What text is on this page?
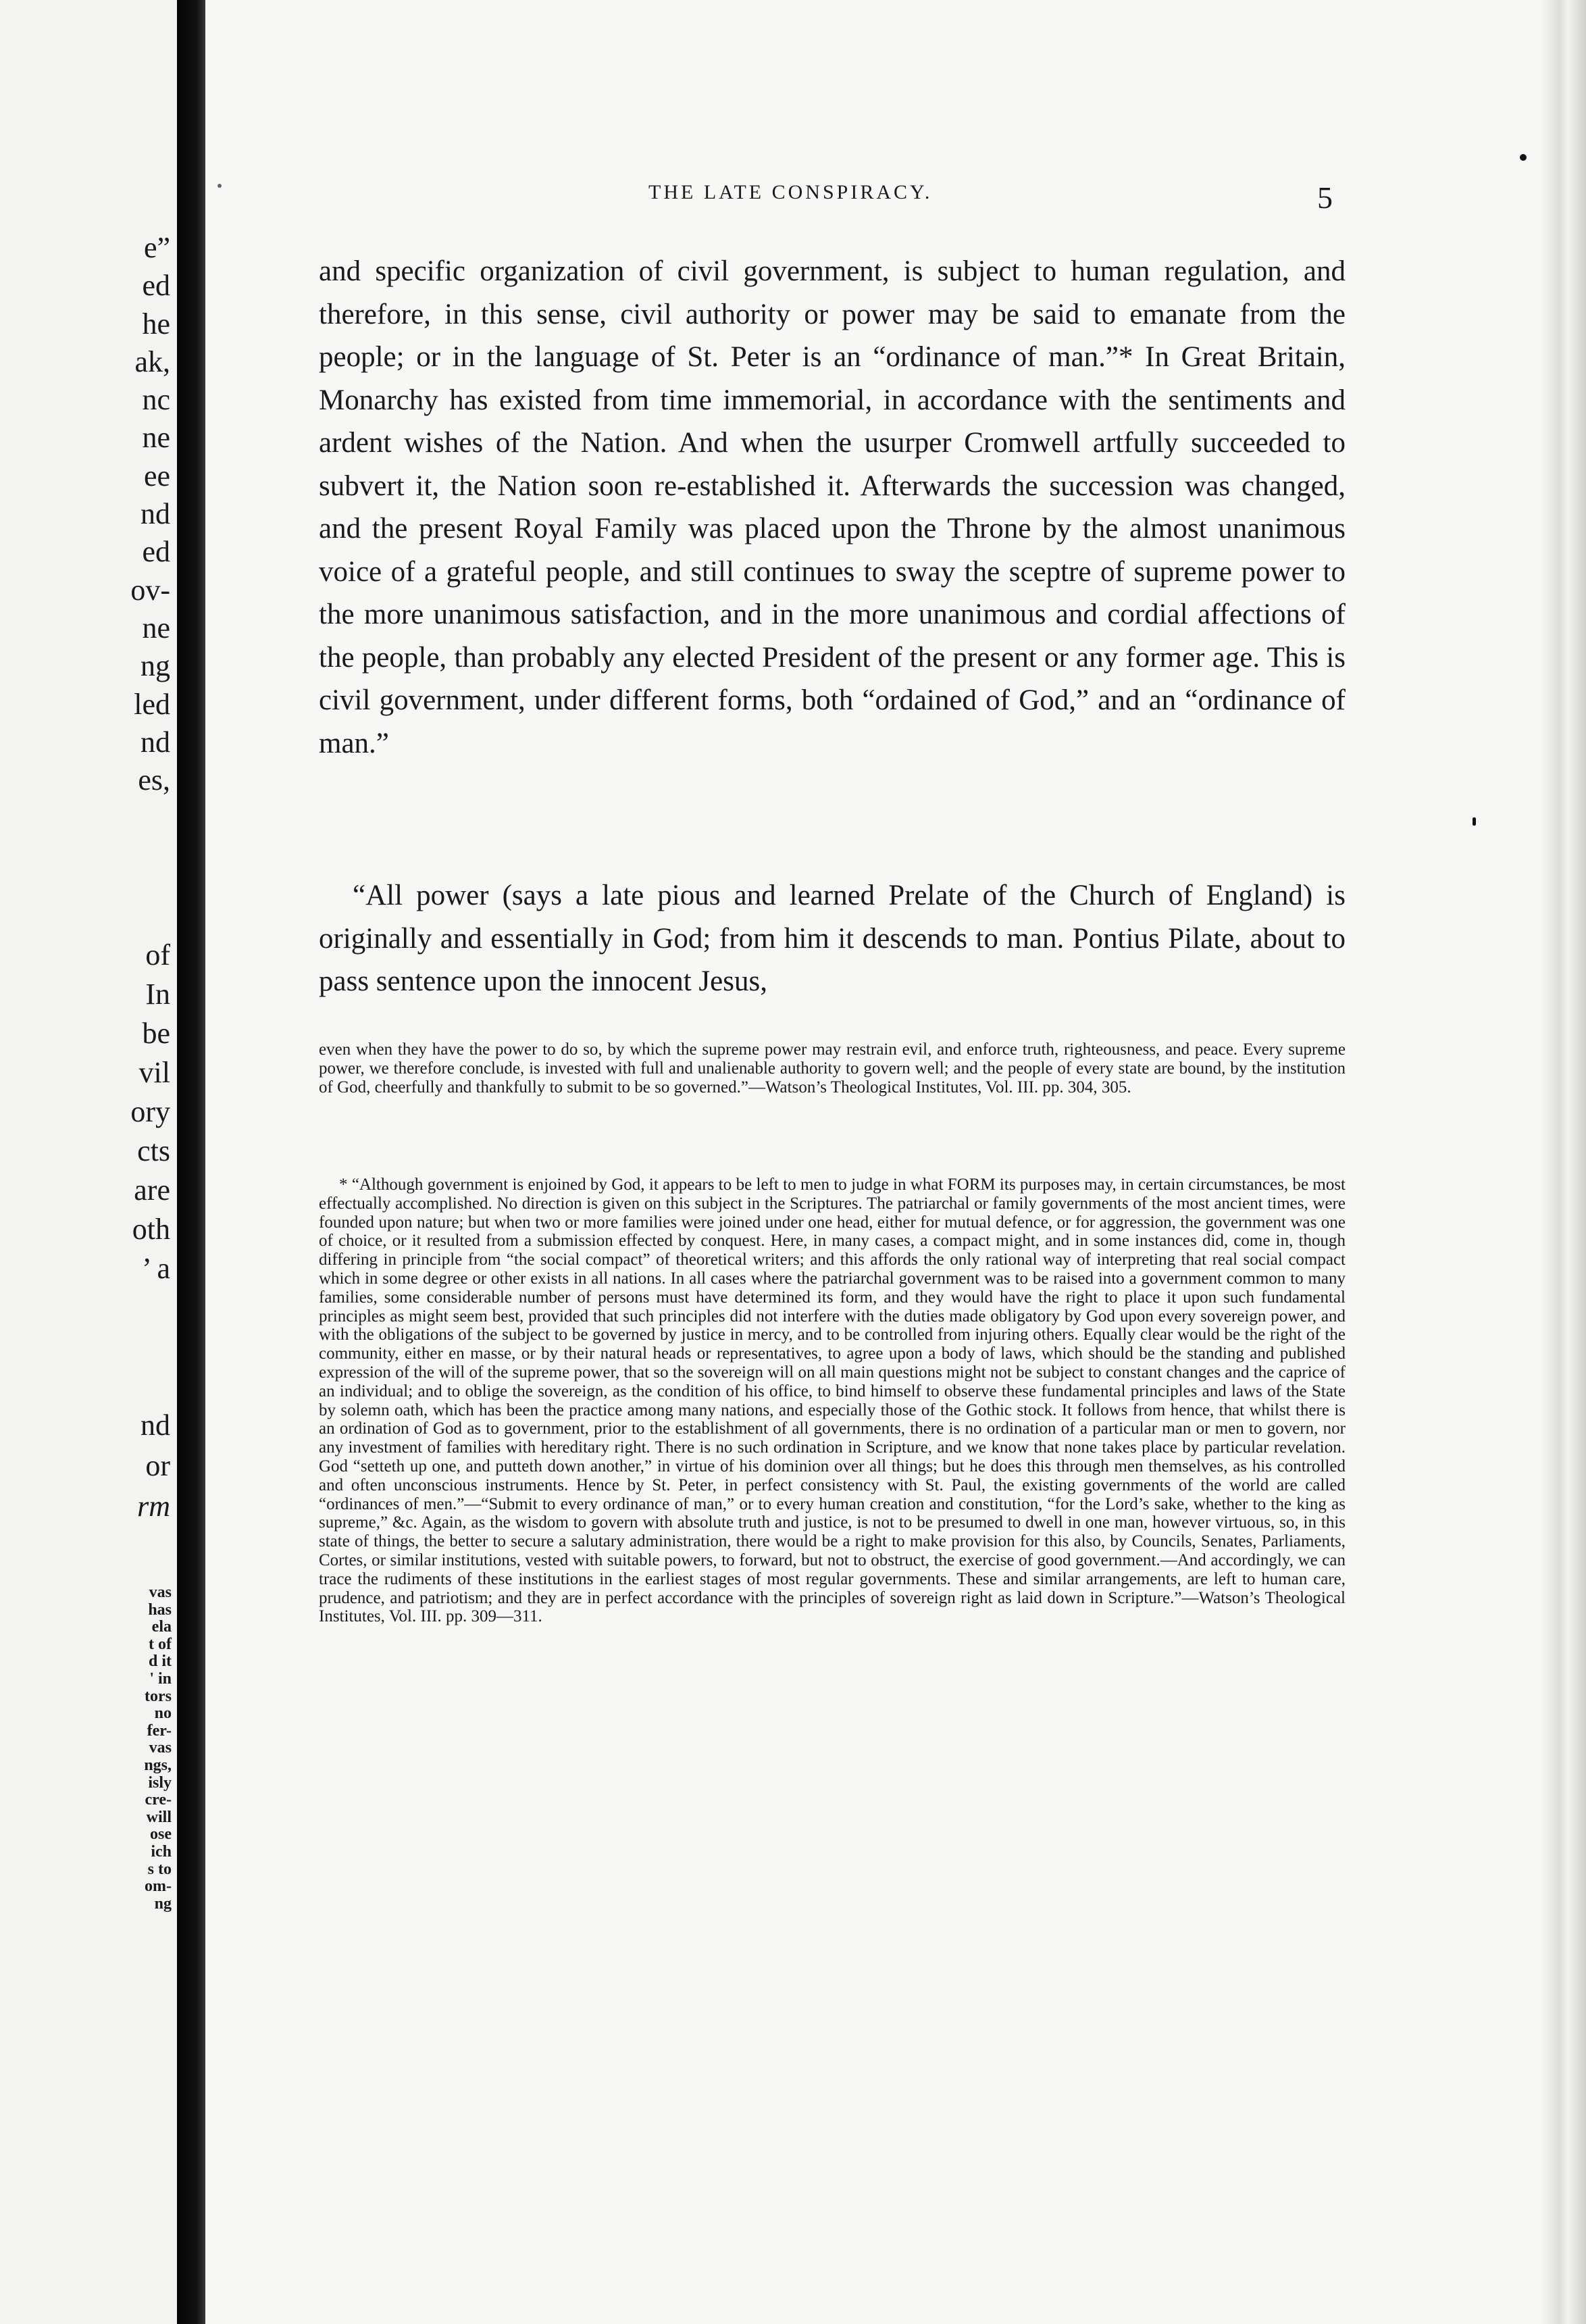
e”
ed
he
ak,
nc
ne
ee
nd
ed
ov-
ne
ng
led
nd
es,
of
In
be
vil
ory
cts
are
oth
’ a
nd
or
rm
vas
has
ela
t of
d it
' in
tors
no
fer-
vas
ngs,
isly
cre-
will
ose
ich
s to
om-
ng
THE LATE CONSPIRACY.	5

and specific organization of civil government, is subject to human regulation, and therefore, in this sense, civil authority or power may be said to emanate from the people; or in the language of St. Peter is an “ordinance of man.”* In Great Britain, Monarchy has existed from time immemorial, in accordance with the sentiments and ardent wishes of the Nation. And when the usurper Cromwell artfully succeeded to subvert it, the Nation soon re-established it. Afterwards the succession was changed, and the present Royal Family was placed upon the Throne by the almost unanimous voice of a grateful people, and still continues to sway the sceptre of supreme power to the more unanimous satisfaction, and in the more unanimous and cordial affections of the people, than probably any elected President of the present or any former age. This is civil government, under different forms, both “ordained of God,” and an “ordinance of man.”

“All power (says a late pious and learned Prelate of the Church of England) is originally and essentially in God; from him it descends to man. Pontius Pilate, about to pass sentence upon the innocent Jesus,

even when they have the power to do so, by which the supreme power may restrain evil, and enforce truth, righteousness, and peace. Every supreme power, we therefore conclude, is invested with full and unalienable authority to govern well; and the people of every state are bound, by the institution of God, cheerfully and thankfully to submit to be so governed.”—Watson’s Theological Institutes, Vol. III. pp. 304, 305.

* “Although government is enjoined by God, it appears to be left to men to judge in what FORM its purposes may, in certain circumstances, be most effectually accomplished. No direction is given on this subject in the Scriptures. The patriarchal or family governments of the most ancient times, were founded upon nature; but when two or more families were joined under one head, either for mutual defence, or for aggression, the government was one of choice, or it resulted from a submission effected by conquest. Here, in many cases, a compact might, and in some instances did, come in, though differing in principle from “the social compact” of theoretical writers; and this affords the only rational way of interpreting that real social compact which in some degree or other exists in all nations. In all cases where the patriarchal government was to be raised into a government common to many families, some considerable number of persons must have determined its form, and they would have the right to place it upon such fundamental principles as might seem best, provided that such principles did not interfere with the duties made obligatory by God upon every sovereign power, and with the obligations of the subject to be governed by justice in mercy, and to be controlled from injuring others. Equally clear would be the right of the community, either en masse, or by their natural heads or representatives, to agree upon a body of laws, which should be the standing and published expression of the will of the supreme power, that so the sovereign will on all main questions might not be subject to constant changes and the caprice of an individual; and to oblige the sovereign, as the condition of his office, to bind himself to observe these fundamental principles and laws of the State by solemn oath, which has been the practice among many nations, and especially those of the Gothic stock. It follows from hence, that whilst there is an ordination of God as to government, prior to the establishment of all governments, there is no ordination of a particular man or men to govern, nor any investment of families with hereditary right. There is no such ordination in Scripture, and we know that none takes place by particular revelation. God “setteth up one, and putteth down another,” in virtue of his dominion over all things; but he does this through men themselves, as his controlled and often unconscious instruments. Hence by St. Peter, in perfect consistency with St. Paul, the existing governments of the world are called “ordinances of men.”—“Submit to every ordinance of man,” or to every human creation and constitution, “for the Lord’s sake, whether to the king as supreme,” &c. Again, as the wisdom to govern with absolute truth and justice, is not to be presumed to dwell in one man, however virtuous, so, in this state of things, the better to secure a salutary administration, there would be a right to make provision for this also, by Councils, Senates, Parliaments, Cortes, or similar institutions, vested with suitable powers, to forward, but not to obstruct, the exercise of good government.—And accordingly, we can trace the rudiments of these institutions in the earliest stages of most regular governments. These and similar arrangements, are left to human care, prudence, and patriotism; and they are in perfect accordance with the principles of sovereign right as laid down in Scripture.”—Watson’s Theological Institutes, Vol. III. pp. 309—311.
